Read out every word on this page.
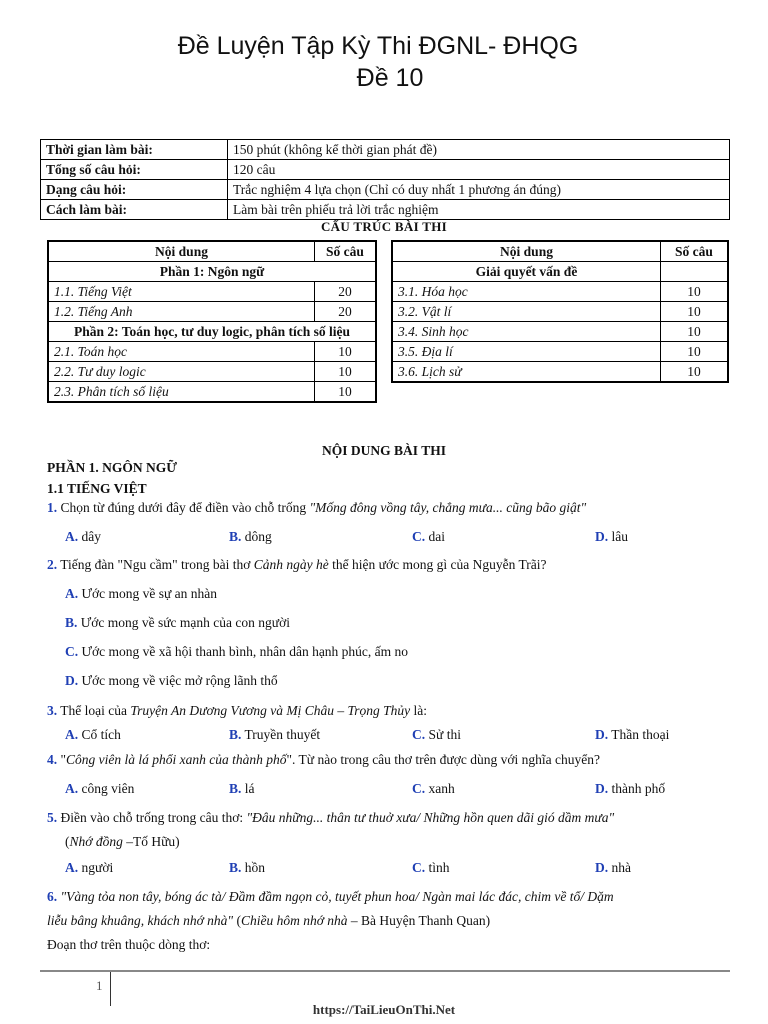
Đề Luyện Tập Kỳ Thi ĐGNL- ĐHQG
Đề 10
Thời gian làm bài:	150 phút (không kể thời gian phát đề)
Tổng số câu hỏi:	120 câu
Dạng câu hỏi:	Trắc nghiệm 4 lựa chọn (Chỉ có duy nhất 1 phương án đúng)
Cách làm bài:	Làm bài trên phiếu trả lời trắc nghiệm
CẤU TRÚC BÀI THI
Nội dung	Số câu
Phần 1: Ngôn ngữ	
1.1. Tiếng Việt	20
1.2. Tiếng Anh	20
Phần 2: Toán học, tư duy logic, phân tích số liệu	
2.1. Toán học	10
2.2. Tư duy logic	10
2.3. Phân tích số liệu	10
Nội dung	Số câu
Giải quyết vấn đề	
3.1. Hóa học	10
3.2. Vật lí	10
3.4. Sinh học	10
3.5. Địa lí	10
3.6. Lịch sử	10
NỘI DUNG BÀI THI
PHẦN 1. NGÔN NGỮ
1.1 TIẾNG VIỆT
1. Chọn từ đúng dưới đây để điền vào chỗ trống "Mống đông vồng tây, chẳng mưa... cũng bão giật"
A. dây	B. dông	C. dai	D. lâu
2. Tiếng đàn "Ngu cầm" trong bài thơ Cảnh ngày hè thể hiện ước mong gì của Nguyễn Trãi?
A. Ước mong về sự an nhàn
B. Ước mong về sức mạnh của con người
C. Ước mong về xã hội thanh bình, nhân dân hạnh phúc, ấm no
D. Ước mong về việc mở rộng lãnh thổ
3. Thể loại của Truyện An Dương Vương và Mị Châu – Trọng Thủy là:
A. Cổ tích	B. Truyền thuyết	C. Sử thi	D. Thần thoại
4. "Công viên là lá phổi xanh của thành phố". Từ nào trong câu thơ trên được dùng với nghĩa chuyển?
A. công viên	B. lá	C. xanh	D. thành phố
5. Điền vào chỗ trống trong câu thơ: "Đâu những... thân tư thuở xưa/ Những hồn quen dãi gió dầm mưa"
(Nhớ đồng –Tố Hữu)
A. người	B. hồn	C. tình	D. nhà
6. "Vàng tỏa non tây, bóng ác tà/ Đầm đầm ngọn cỏ, tuyết phun hoa/ Ngàn mai lác đác, chim về tổ/ Dặm
liễu bâng khuâng, khách nhớ nhà" (Chiều hôm nhớ nhà – Bà Huyện Thanh Quan)
Đoạn thơ trên thuộc dòng thơ:
1
https://TaiLieuOnThi.Net
